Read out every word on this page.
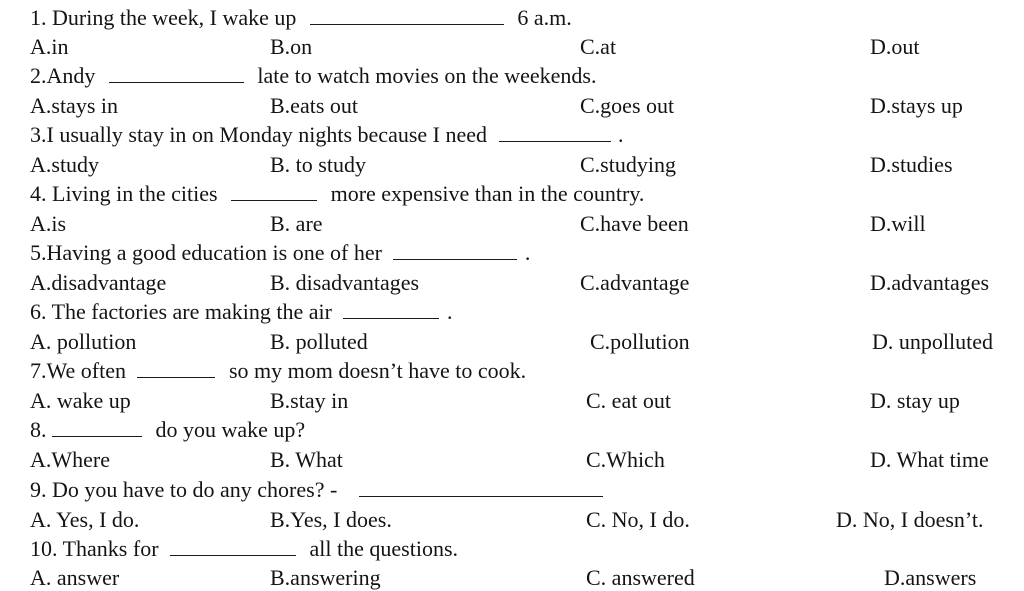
1. During the week, I wake up	6 a.m.
A.in	B.on	C.at	D.out
2.Andy	late to watch movies on the weekends.
A.stays in	B.eats out	C.goes out	D.stays up
3.I usually stay in on Monday nights because I need	.
A.study	B. to study	C.studying	D.studies
4. Living in the cities	more expensive than in the country.
A.is	B. are	C.have been	D.will
5.Having a good education is one of her	.
A.disadvantage	B. disadvantages	C.advantage	D.advantages
6. The factories are making the air	.
A. pollution	B. polluted	C.pollution	D. unpolluted
7.We often	so my mom doesn’t have to cook.
A. wake up	B.stay in	C. eat out	D. stay up
8.	do you wake up?
A.Where	B. What	C.Which	D. What time
9. Do you have to do any chores? -
A. Yes, I do.	B.Yes, I does.	C. No, I do.	D. No, I doesn’t.
10. Thanks for	all the questions.
A. answer	B.answering	C. answered	D.answers
